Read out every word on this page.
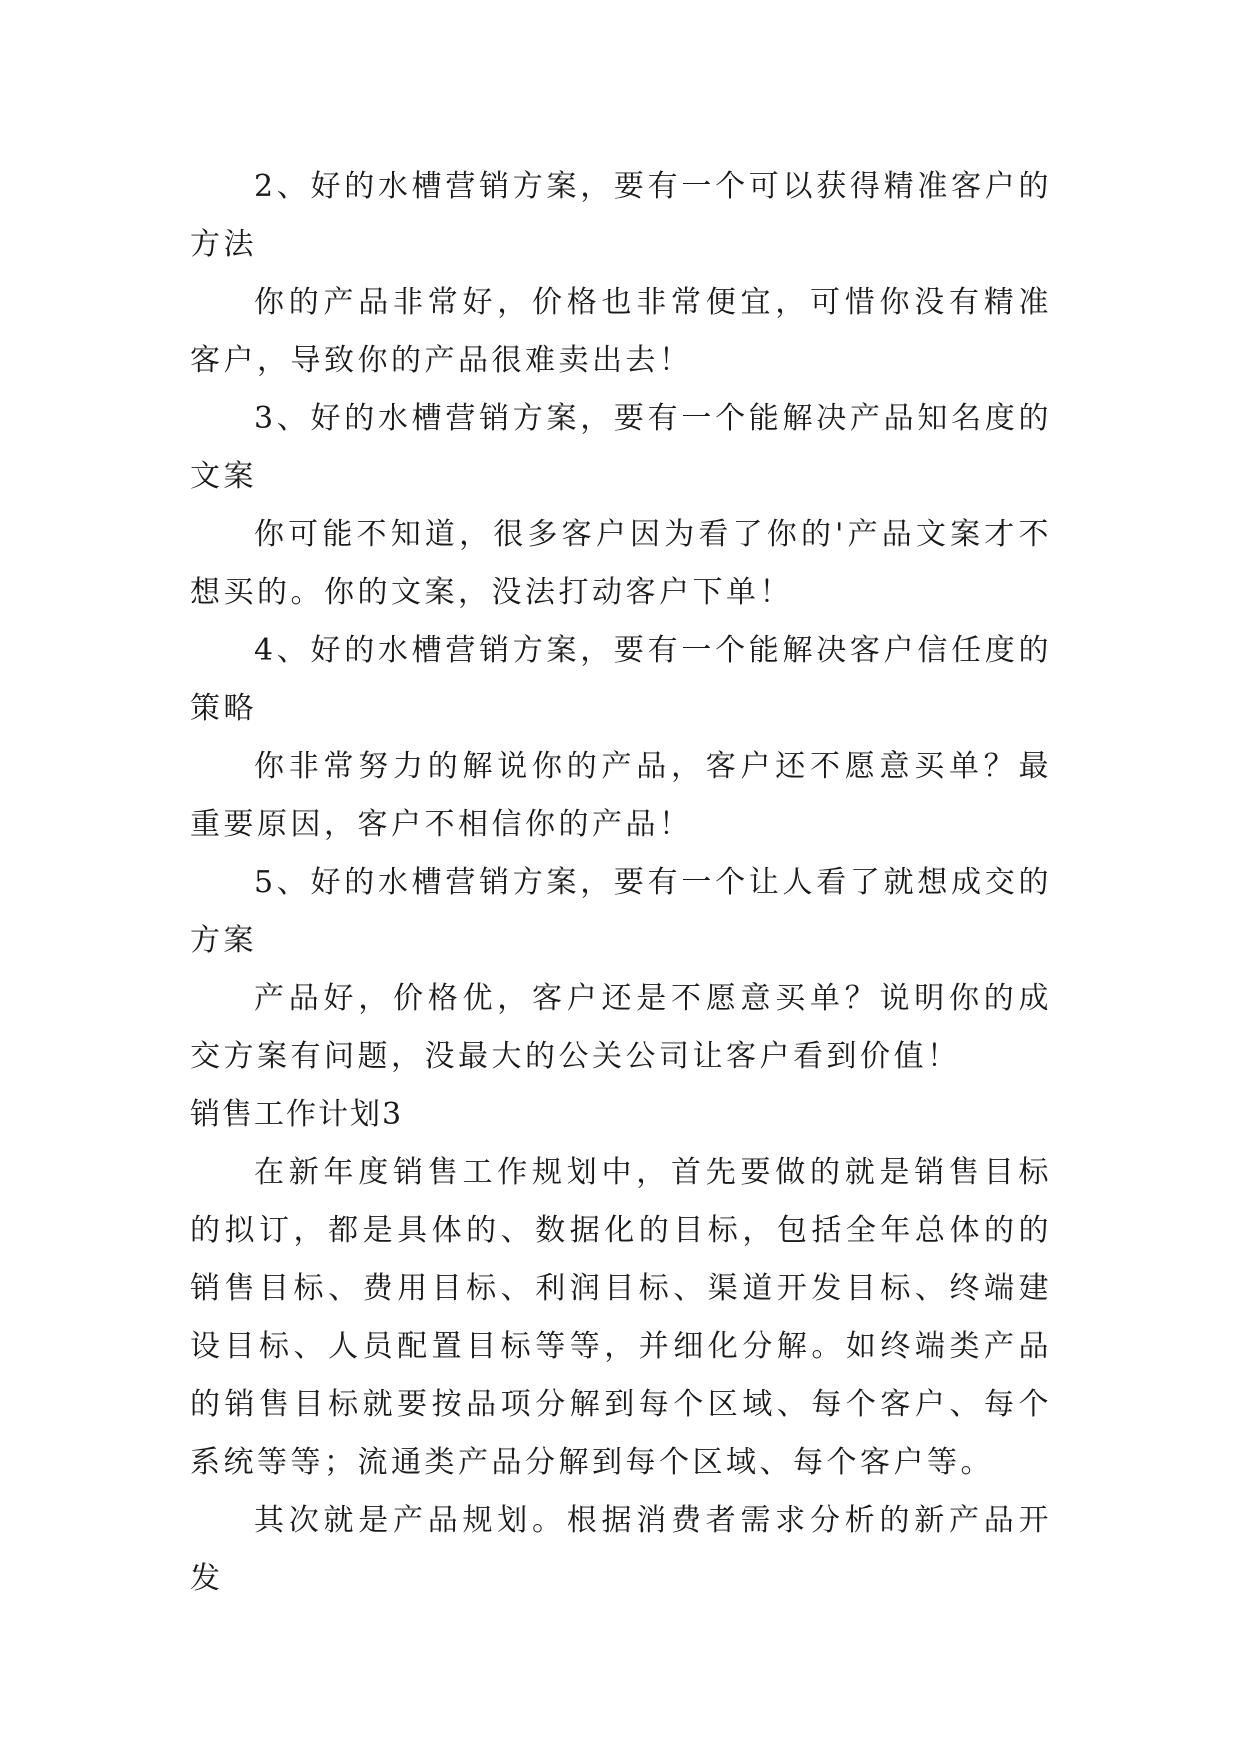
2、好的水槽营销方案，要有一个可以获得精准客户的方法

你的产品非常好，价格也非常便宜，可惜你没有精准客户，导致你的产品很难卖出去！

3、好的水槽营销方案，要有一个能解决产品知名度的文案

你可能不知道，很多客户因为看了你的'产品文案才不想买的。你的文案，没法打动客户下单！

4、好的水槽营销方案，要有一个能解决客户信任度的策略

你非常努力的解说你的产品，客户还不愿意买单？最重要原因，客户不相信你的产品！

5、好的水槽营销方案，要有一个让人看了就想成交的方案

产品好，价格优，客户还是不愿意买单？说明你的成交方案有问题，没最大的公关公司让客户看到价值！

销售工作计划3

在新年度销售工作规划中，首先要做的就是销售目标的拟订，都是具体的、数据化的目标，包括全年总体的的销售目标、费用目标、利润目标、渠道开发目标、终端建设目标、人员配置目标等等，并细化分解。如终端类产品的销售目标就要按品项分解到每个区域、每个客户、每个系统等等；流通类产品分解到每个区域、每个客户等。

其次就是产品规划。根据消费者需求分析的新产品开发
